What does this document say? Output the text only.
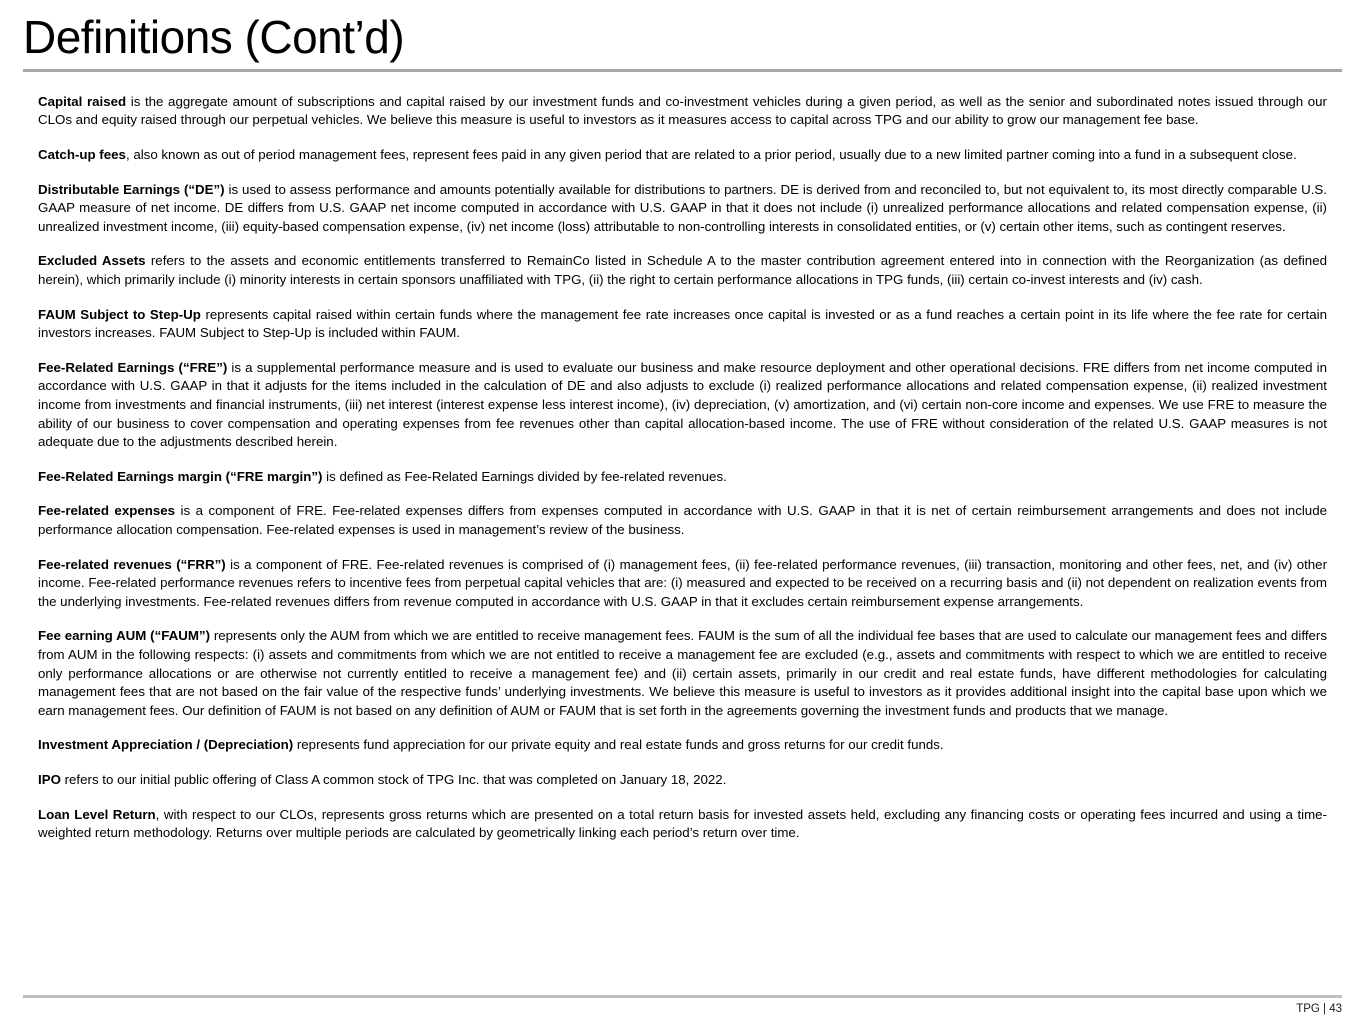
Definitions (Cont’d)

Capital raised is the aggregate amount of subscriptions and capital raised by our investment funds and co-investment vehicles during a given period, as well as the senior and subordinated notes issued through our CLOs and equity raised through our perpetual vehicles. We believe this measure is useful to investors as it measures access to capital across TPG and our ability to grow our management fee base.

Catch-up fees, also known as out of period management fees, represent fees paid in any given period that are related to a prior period, usually due to a new limited partner coming into a fund in a subsequent close.

Distributable Earnings (“DE”) is used to assess performance and amounts potentially available for distributions to partners. DE is derived from and reconciled to, but not equivalent to, its most directly comparable U.S. GAAP measure of net income. DE differs from U.S. GAAP net income computed in accordance with U.S. GAAP in that it does not include (i) unrealized performance allocations and related compensation expense, (ii) unrealized investment income, (iii) equity-based compensation expense, (iv) net income (loss) attributable to non-controlling interests in consolidated entities, or (v) certain other items, such as contingent reserves.

Excluded Assets refers to the assets and economic entitlements transferred to RemainCo listed in Schedule A to the master contribution agreement entered into in connection with the Reorganization (as defined herein), which primarily include (i) minority interests in certain sponsors unaffiliated with TPG, (ii) the right to certain performance allocations in TPG funds, (iii) certain co-invest interests and (iv) cash.

FAUM Subject to Step-Up represents capital raised within certain funds where the management fee rate increases once capital is invested or as a fund reaches a certain point in its life where the fee rate for certain investors increases. FAUM Subject to Step-Up is included within FAUM.

Fee-Related Earnings (“FRE”) is a supplemental performance measure and is used to evaluate our business and make resource deployment and other operational decisions. FRE differs from net income computed in accordance with U.S. GAAP in that it adjusts for the items included in the calculation of DE and also adjusts to exclude (i) realized performance allocations and related compensation expense, (ii) realized investment income from investments and financial instruments, (iii) net interest (interest expense less interest income), (iv) depreciation, (v) amortization, and (vi) certain non-core income and expenses. We use FRE to measure the ability of our business to cover compensation and operating expenses from fee revenues other than capital allocation-based income. The use of FRE without consideration of the related U.S. GAAP measures is not adequate due to the adjustments described herein.

Fee-Related Earnings margin (“FRE margin”) is defined as Fee-Related Earnings divided by fee-related revenues.

Fee-related expenses is a component of FRE. Fee-related expenses differs from expenses computed in accordance with U.S. GAAP in that it is net of certain reimbursement arrangements and does not include performance allocation compensation. Fee-related expenses is used in management’s review of the business.

Fee-related revenues (“FRR”) is a component of FRE. Fee-related revenues is comprised of (i) management fees, (ii) fee-related performance revenues, (iii) transaction, monitoring and other fees, net, and (iv) other income. Fee-related performance revenues refers to incentive fees from perpetual capital vehicles that are: (i) measured and expected to be received on a recurring basis and (ii) not dependent on realization events from the underlying investments. Fee-related revenues differs from revenue computed in accordance with U.S. GAAP in that it excludes certain reimbursement expense arrangements.

Fee earning AUM (“FAUM”) represents only the AUM from which we are entitled to receive management fees. FAUM is the sum of all the individual fee bases that are used to calculate our management fees and differs from AUM in the following respects: (i) assets and commitments from which we are not entitled to receive a management fee are excluded (e.g., assets and commitments with respect to which we are entitled to receive only performance allocations or are otherwise not currently entitled to receive a management fee) and (ii) certain assets, primarily in our credit and real estate funds, have different methodologies for calculating management fees that are not based on the fair value of the respective funds’ underlying investments. We believe this measure is useful to investors as it provides additional insight into the capital base upon which we earn management fees. Our definition of FAUM is not based on any definition of AUM or FAUM that is set forth in the agreements governing the investment funds and products that we manage.

Investment Appreciation / (Depreciation) represents fund appreciation for our private equity and real estate funds and gross returns for our credit funds.

IPO refers to our initial public offering of Class A common stock of TPG Inc. that was completed on January 18, 2022.

Loan Level Return, with respect to our CLOs, represents gross returns which are presented on a total return basis for invested assets held, excluding any financing costs or operating fees incurred and using a time-weighted return methodology. Returns over multiple periods are calculated by geometrically linking each period’s return over time.

TPG | 43
